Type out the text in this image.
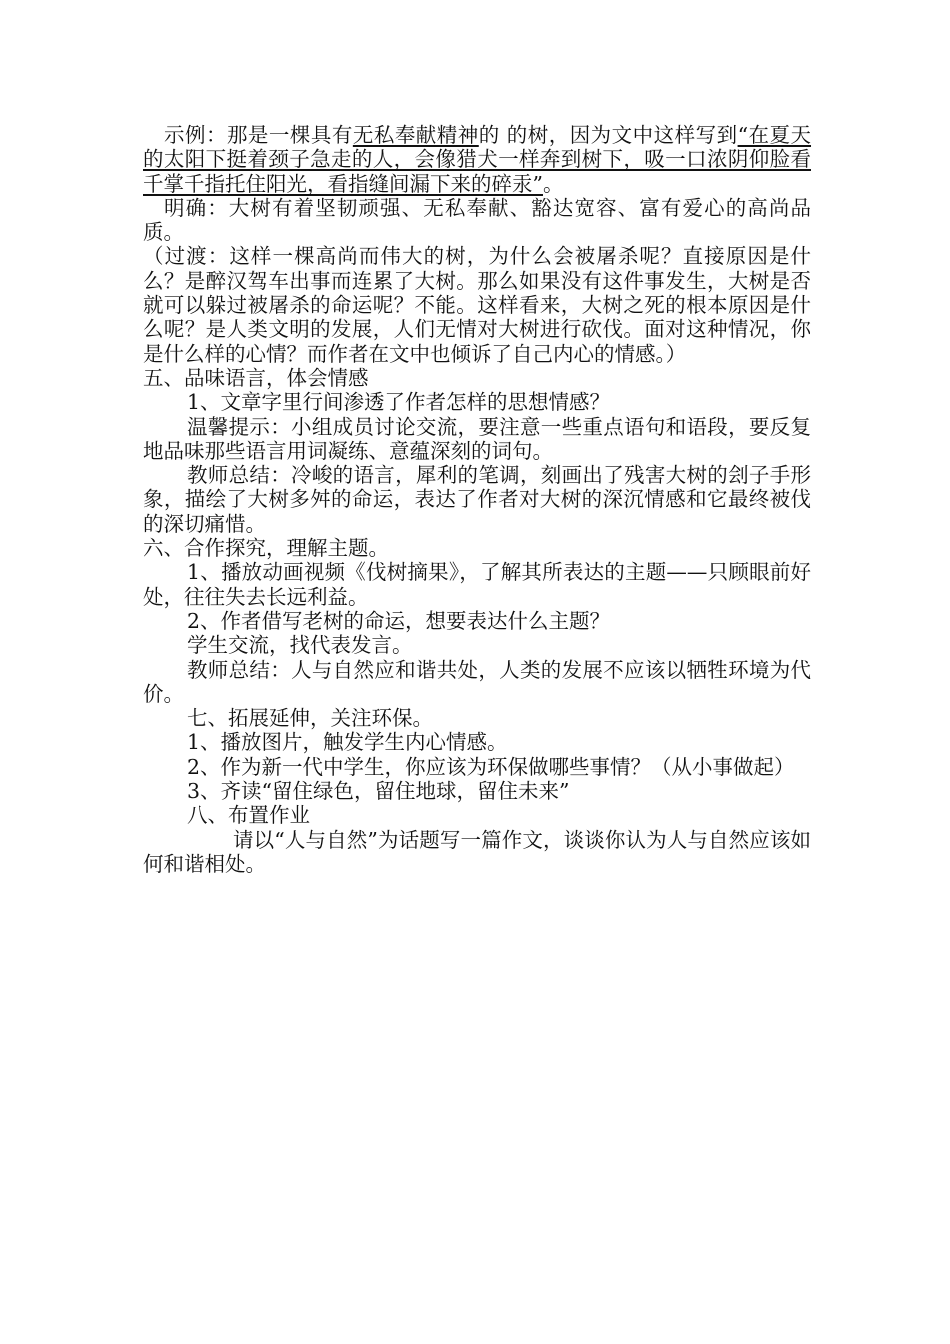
示例：那是一棵具有无私奉献精神的 的树，因为文中这样写到“在夏天的太阳下挺着颈子急走的人，会像猎犬一样奔到树下，吸一口浓阴仰脸看千掌千指托住阳光，看指缝间漏下来的碎汞”。

明确：大树有着坚韧顽强、无私奉献、豁达宽容、富有爱心的高尚品质。

（过渡：这样一棵高尚而伟大的树，为什么会被屠杀呢？直接原因是什么？是醉汉驾车出事而连累了大树。那么如果没有这件事发生，大树是否就可以躲过被屠杀的命运呢？不能。这样看来，大树之死的根本原因是什么呢？是人类文明的发展，人们无情对大树进行砍伐。面对这种情况，你是什么样的心情？而作者在文中也倾诉了自己内心的情感。）

五、品味语言，体会情感

1、文章字里行间渗透了作者怎样的思想情感？

温馨提示：小组成员讨论交流，要注意一些重点语句和语段，要反复地品味那些语言用词凝练、意蕴深刻的词句。

教师总结：冷峻的语言，犀利的笔调，刻画出了残害大树的刽子手形象，描绘了大树多舛的命运，表达了作者对大树的深沉情感和它最终被伐的深切痛惜。

六、合作探究，理解主题。

1、播放动画视频《伐树摘果》，了解其所表达的主题——只顾眼前好处，往往失去长远利益。

2、作者借写老树的命运，想要表达什么主题？

学生交流，找代表发言。

教师总结：人与自然应和谐共处，人类的发展不应该以牺牲环境为代价。

七、拓展延伸，关注环保。

1、播放图片，触发学生内心情感。

2、作为新一代中学生，你应该为环保做哪些事情？（从小事做起）

3、齐读“留住绿色，留住地球，留住未来”

八、布置作业

请以“人与自然”为话题写一篇作文，谈谈你认为人与自然应该如何和谐相处。
